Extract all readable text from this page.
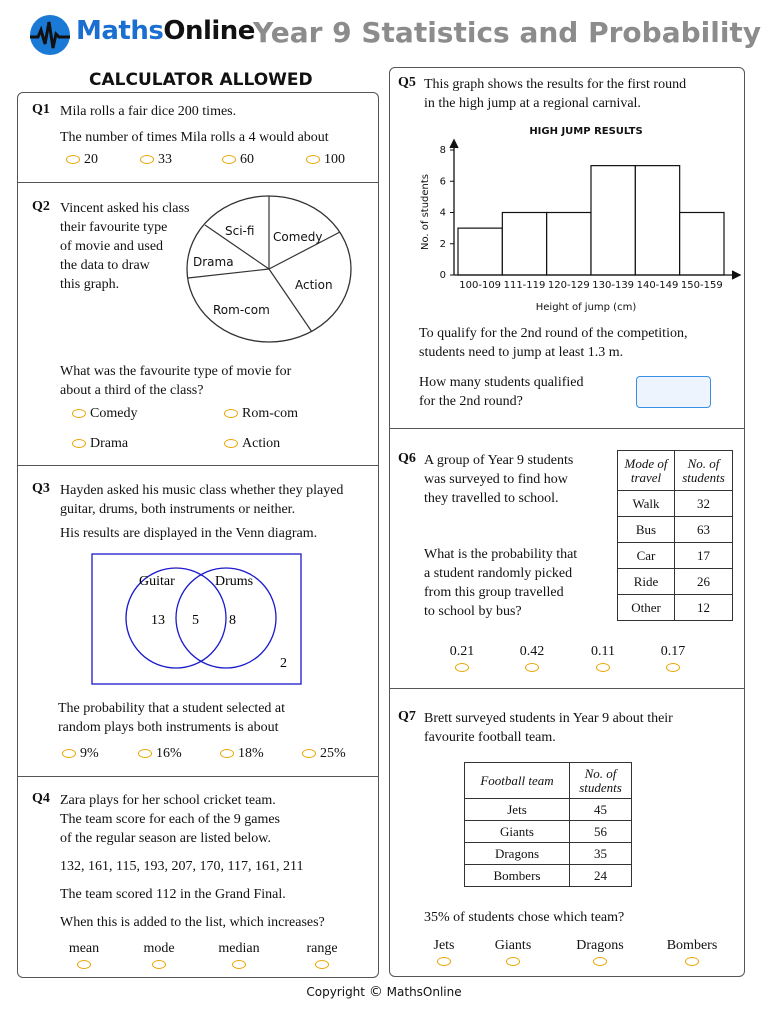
MathsOnline
Year 9 Statistics and Probability
CALCULATOR ALLOWED
Q1 Mila rolls a fair dice 200 times.
The number of times Mila rolls a 4 would about
20	33	60	100
Q2 Vincent asked his class
their favourite type
of movie and used
the data to draw
this graph.
Sci-fi Comedy
Drama
Action
Rom-com
What was the favourite type of movie for
about a third of the class?
Comedy	Rom-com
Drama	Action
Q3 Hayden asked his music class whether they played
guitar, drums, both instruments or neither.
His results are displayed in the Venn diagram.
Guitar	Drums
13 5 8
2
The probability that a student selected at
random plays both instruments is about
9%	16%	18%	25%
Q4 Zara plays for her school cricket team.
The team score for each of the 9 games
of the regular season are listed below.
132, 161, 115, 193, 207, 170, 117, 161, 211
The team scored 112 in the Grand Final.
When this is added to the list, which increases?
mean	mode	median	range
Q5 This graph shows the results for the first round
in the high jump at a regional carnival.
HIGH JUMP RESULTS
No. of students
Height of jump (cm)
0
2
4
6
8
100-109 111-119 120-129 130-139 140-149 150-159
To qualify for the 2nd round of the competition,
students need to jump at least 1.3 m.
How many students qualified
for the 2nd round?
Q6 A group of Year 9 students
was surveyed to find how
they travelled to school.
What is the probability that
a student randomly picked
from this group travelled
to school by bus?
Mode of travel	No. of students
Walk	32
Bus	63
Car	17
Ride	26
Other	12
0.21	0.42	0.11	0.17
Q7 Brett surveyed students in Year 9 about their
favourite football team.
Football team	No. of students
Jets	45
Giants	56
Dragons	35
Bombers	24
35% of students chose which team?
Jets	Giants	Dragons	Bombers
Copyright © MathsOnline
